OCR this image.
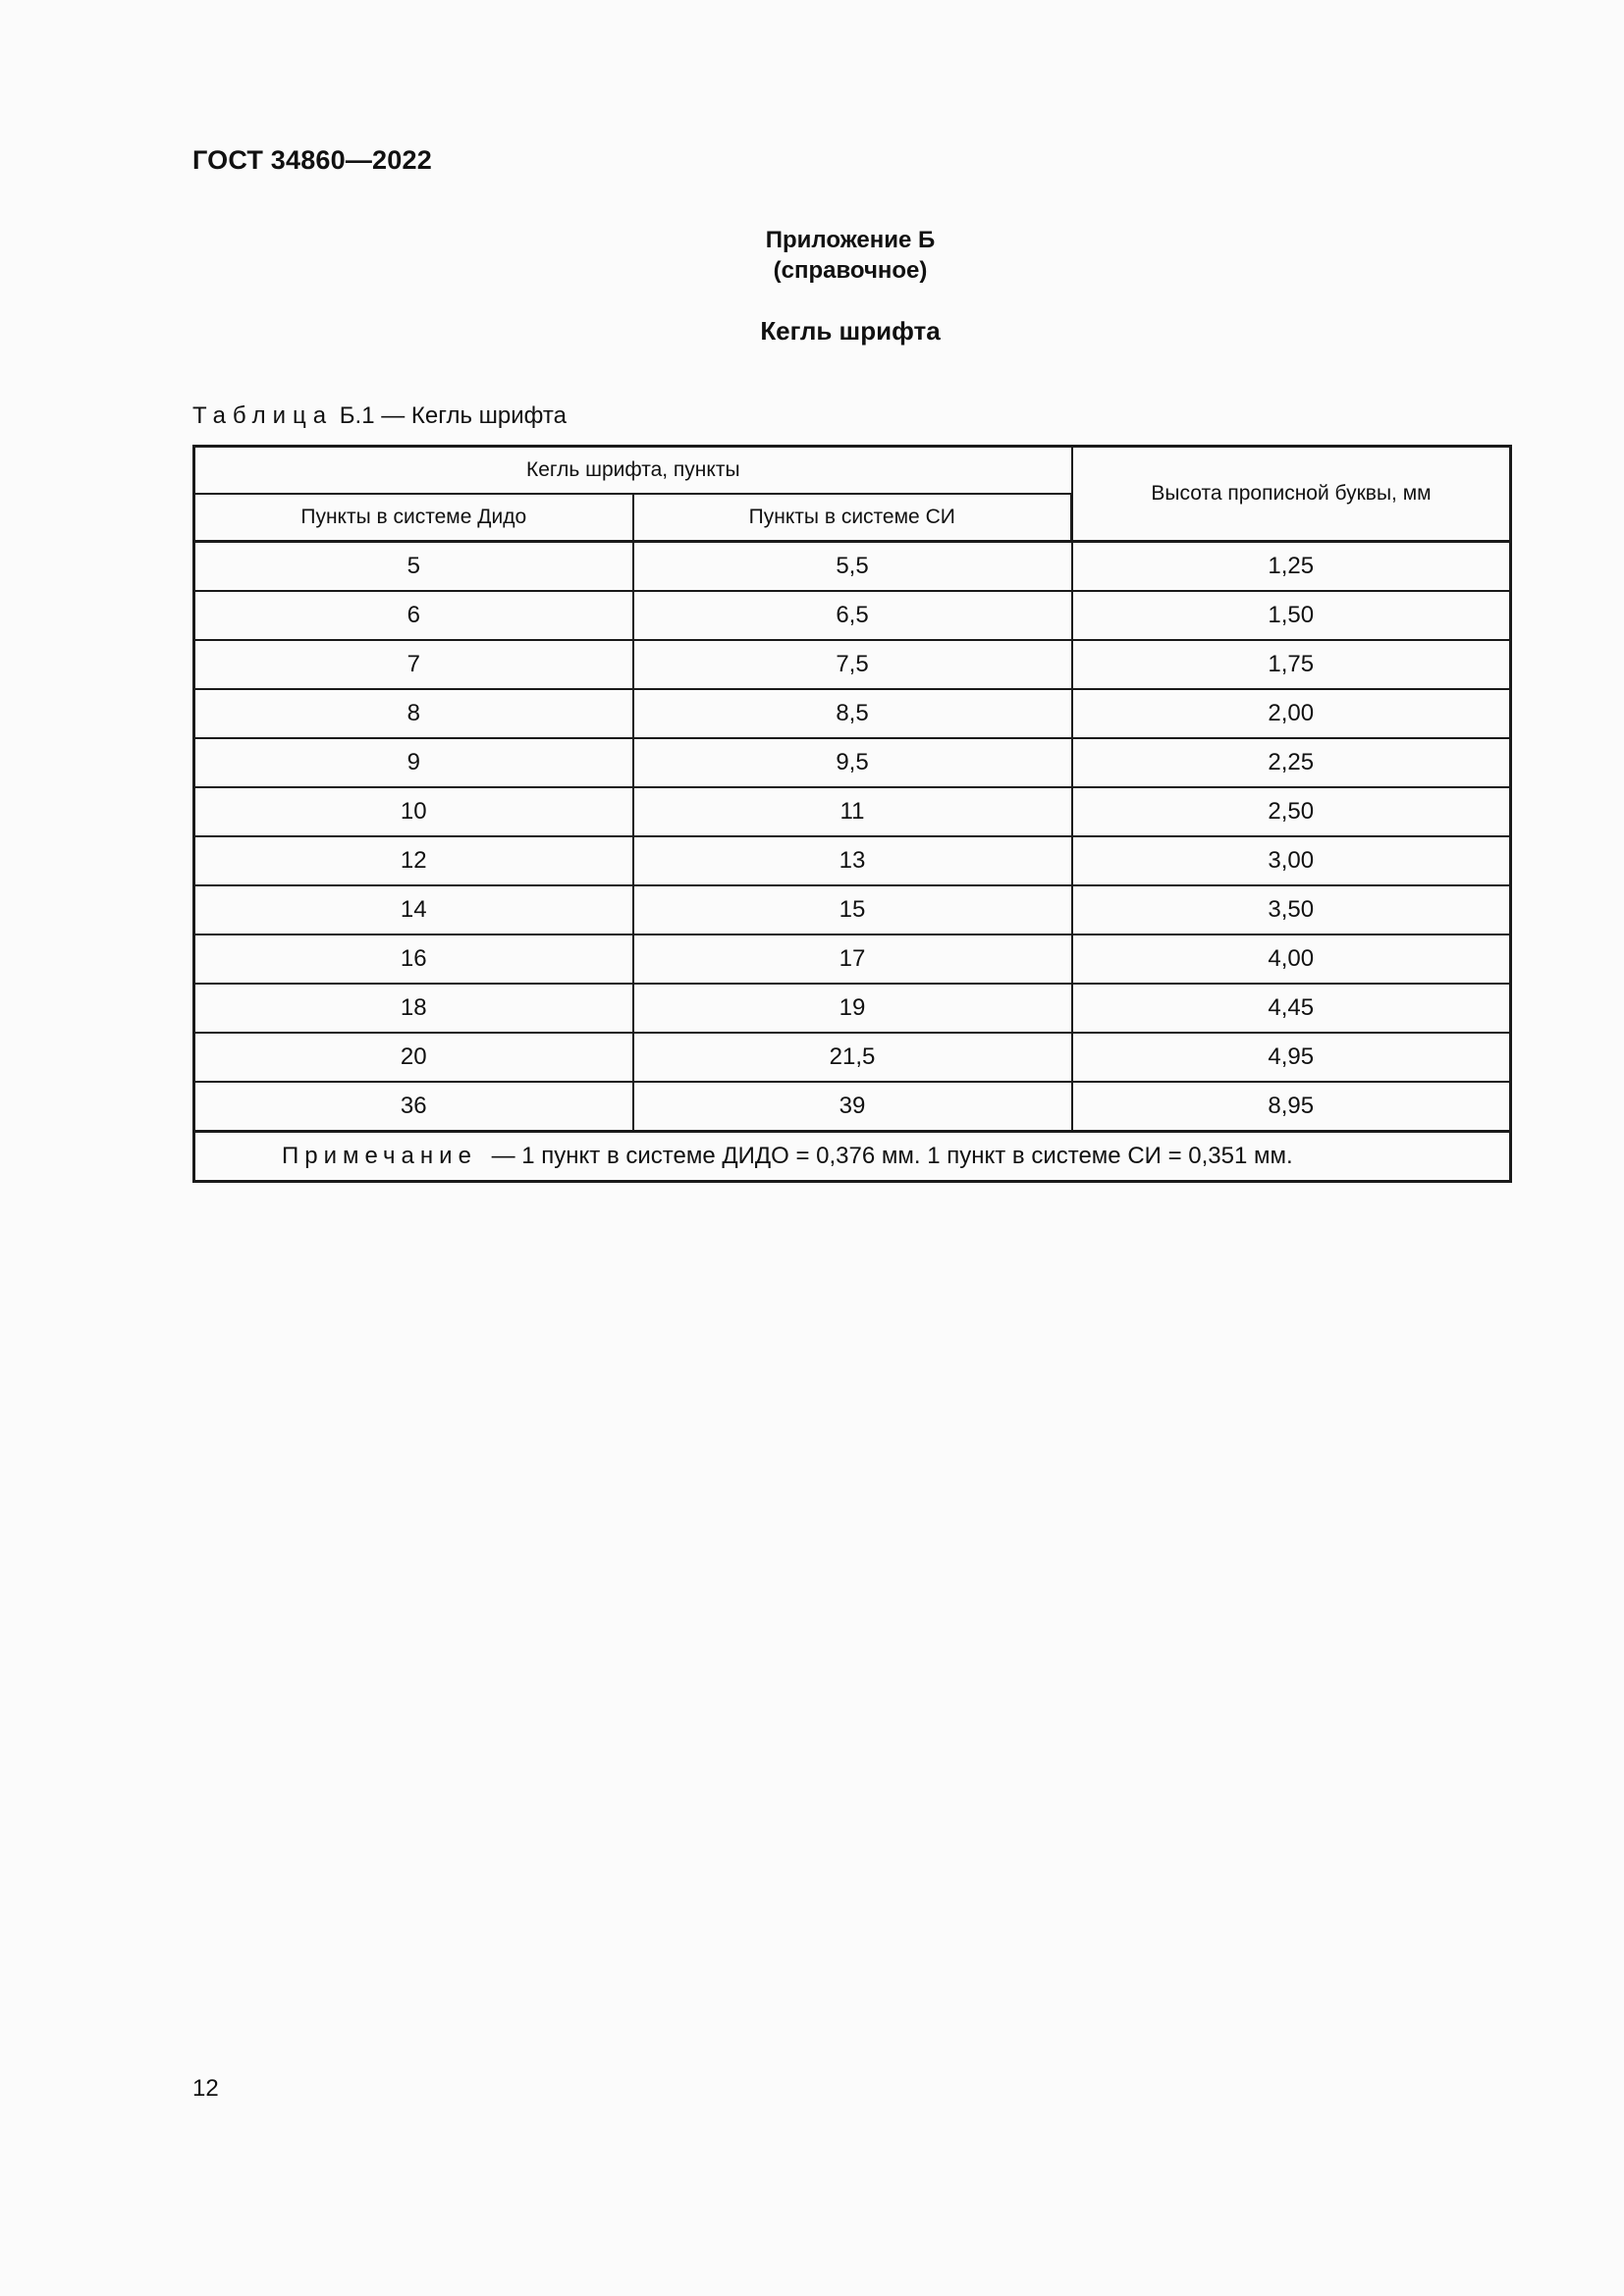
ГОСТ 34860—2022
Приложение Б
(справочное)
Кегль шрифта
Таблица Б.1 — Кегль шрифта
Кегль шрифта, пункты		Высота прописной буквы, мм
Пункты в системе Дидо	Пункты в системе СИ	
5	5,5	1,25
6	6,5	1,50
7	7,5	1,75
8	8,5	2,00
9	9,5	2,25
10	11	2,50
12	13	3,00
14	15	3,50
16	17	4,00
18	19	4,45
20	21,5	4,95
36	39	8,95
Примечание — 1 пункт в системе ДИДО = 0,376 мм. 1 пункт в системе СИ = 0,351 мм.		
12
